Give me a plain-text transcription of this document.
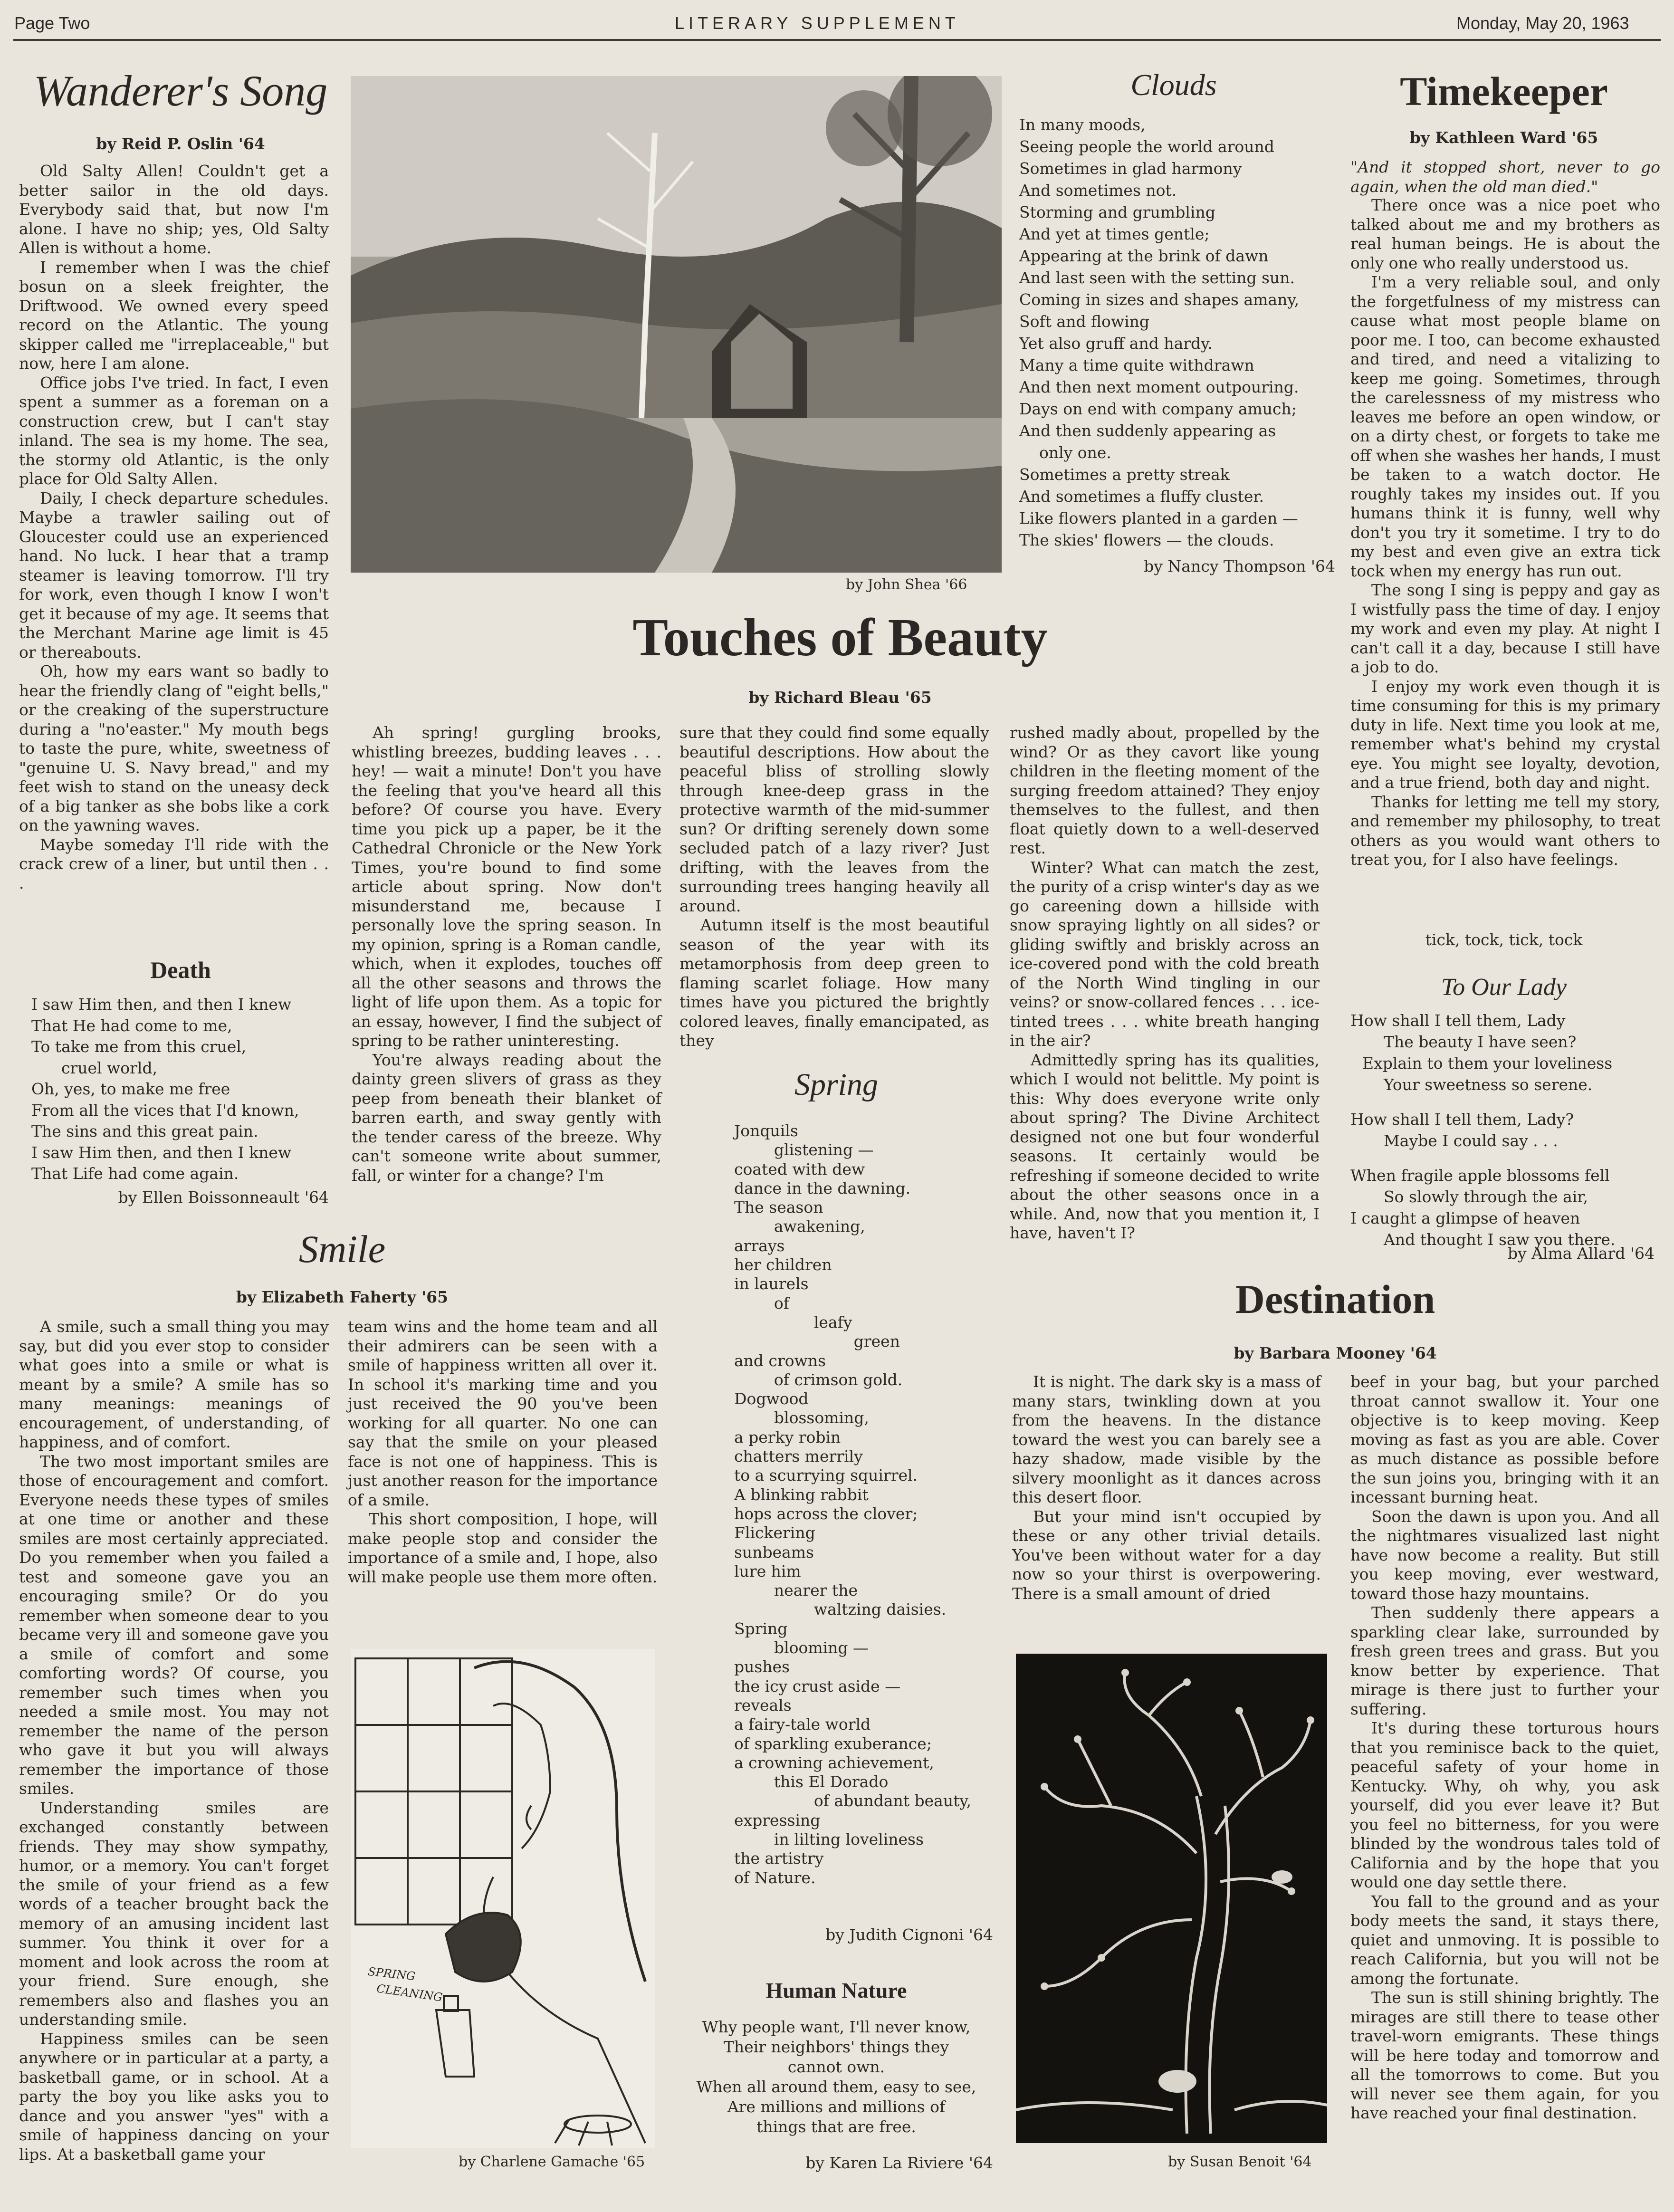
Page Two	LITERARY SUPPLEMENT	Monday, May 20, 1963
Wanderer's Song
by Reid P. Oslin '64

Old Salty Allen! Couldn't get a better sailor in the old days. Everybody said that, but now I'm alone. I have no ship; yes, Old Salty Allen is without a home.

I remember when I was the chief bosun on a sleek freighter, the Driftwood. We owned every speed record on the Atlantic. The young skipper called me "irreplaceable," but now, here I am alone.

Office jobs I've tried. In fact, I even spent a summer as a foreman on a construction crew, but I can't stay inland. The sea is my home. The sea, the stormy old Atlantic, is the only place for Old Salty Allen.

Daily, I check departure schedules. Maybe a trawler sailing out of Gloucester could use an experienced hand. No luck. I hear that a tramp steamer is leaving tomorrow. I'll try for work, even though I know I won't get it because of my age. It seems that the Merchant Marine age limit is 45 or thereabouts.

Oh, how my ears want so badly to hear the friendly clang of "eight bells," or the creaking of the superstructure during a "no'easter." My mouth begs to taste the pure, white, sweetness of "genuine U. S. Navy bread," and my feet wish to stand on the uneasy deck of a big tanker as she bobs like a cork on the yawning waves.

Maybe someday I'll ride with the crack crew of a liner, but until then . . .

Death
I saw Him then, and then I knew
That He had come to me,
To take me from this cruel,
cruel world,
Oh, yes, to make me free
From all the vices that I'd known,
The sins and this great pain.
I saw Him then, and then I knew
That Life had come again.
by Ellen Boissonneault '64
by John Shea '66
Clouds
In many moods,
Seeing people the world around
Sometimes in glad harmony
And sometimes not.
Storming and grumbling
And yet at times gentle;
Appearing at the brink of dawn
And last seen with the setting sun.
Coming in sizes and shapes amany,
Soft and flowing
Yet also gruff and hardy.
Many a time quite withdrawn
And then next moment outpouring.
Days on end with company amuch;
And then suddenly appearing as
only one.
Sometimes a pretty streak
And sometimes a fluffy cluster.
Like flowers planted in a garden —
The skies' flowers — the clouds.
by Nancy Thompson '64
Timekeeper
by Kathleen Ward '65
"And it stopped short, never to go again, when the old man died."

There once was a nice poet who talked about me and my brothers as real human beings. He is about the only one who really understood us.

I'm a very reliable soul, and only the forgetfulness of my mistress can cause what most people blame on poor me. I too, can become exhausted and tired, and need a vitalizing to keep me going. Sometimes, through the carelessness of my mistress who leaves me before an open window, or on a dirty chest, or forgets to take me off when she washes her hands, I must be taken to a watch doctor. He roughly takes my insides out. If you humans think it is funny, well why don't you try it sometime. I try to do my best and even give an extra tick tock when my energy has run out.

The song I sing is peppy and gay as I wistfully pass the time of day. I enjoy my work and even my play. At night I can't call it a day, because I still have a job to do.

I enjoy my work even though it is time consuming for this is my primary duty in life. Next time you look at me, remember what's behind my crystal eye. You might see loyalty, devotion, and a true friend, both day and night.

Thanks for letting me tell my story, and remember my philosophy, to treat others as you would want others to treat you, for I also have feelings.

tick, tock, tick, tock
Touches of Beauty
by Richard Bleau '65

Ah spring! gurgling brooks, whistling breezes, budding leaves . . . hey! — wait a minute! Don't you have the feeling that you've heard all this before? Of course you have. Every time you pick up a paper, be it the Cathedral Chronicle or the New York Times, you're bound to find some article about spring. Now don't misunderstand me, because I personally love the spring season. In my opinion, spring is a Roman candle, which, when it explodes, touches off all the other seasons and throws the light of life upon them. As a topic for an essay, however, I find the subject of spring to be rather uninteresting.

You're always reading about the dainty green slivers of grass as they peep from beneath their blanket of barren earth, and sway gently with the tender caress of the breeze. Why can't someone write about summer, fall, or winter for a change? I'm

sure that they could find some equally beautiful descriptions. How about the peaceful bliss of strolling slowly through knee-deep grass in the protective warmth of the mid-summer sun? Or drifting serenely down some secluded patch of a lazy river? Just drifting, with the leaves from the surrounding trees hanging heavily all around.

Autumn itself is the most beautiful season of the year with its metamorphosis from deep green to flaming scarlet foliage. How many times have you pictured the brightly colored leaves, finally emancipated, as they

rushed madly about, propelled by the wind? Or as they cavort like young children in the fleeting moment of the surging freedom attained? They enjoy themselves to the fullest, and then float quietly down to a well-deserved rest.

Winter? What can match the zest, the purity of a crisp winter's day as we go careening down a hillside with snow spraying lightly on all sides? or gliding swiftly and briskly across an ice-covered pond with the cold breath of the North Wind tingling in our veins? or snow-collared fences . . . ice-tinted trees . . . white breath hanging in the air?

Admittedly spring has its qualities, which I would not belittle. My point is this: Why does everyone write only about spring? The Divine Architect designed not one but four wonderful seasons. It certainly would be refreshing if someone decided to write about the other seasons once in a while. And, now that you mention it, I have, haven't I?

Spring
Jonquils
glistening —
coated with dew
dance in the dawning.
The season
awakening,
arrays
her children
in laurels
of
leafy
green
and crowns
of crimson gold.
Dogwood
blossoming,
a perky robin
chatters merrily
to a scurrying squirrel.
A blinking rabbit
hops across the clover;
Flickering
sunbeams
lure him
nearer the
waltzing daisies.
Spring
blooming —
pushes
the icy crust aside —
reveals
a fairy-tale world
of sparkling exuberance;
a crowning achievement,
this El Dorado
of abundant beauty,
expressing
in lilting loveliness
the artistry
of Nature.
by Judith Cignoni '64
Human Nature
Why people want, I'll never know,
Their neighbors' things they
cannot own.
When all around them, easy to see,
Are millions and millions of
things that are free.
by Karen La Riviere '64
To Our Lady
How shall I tell them, Lady
The beauty I have seen?
Explain to them your loveliness
Your sweetness so serene.
How shall I tell them, Lady?
Maybe I could say . . .
When fragile apple blossoms fell
So slowly through the air,
I caught a glimpse of heaven
And thought I saw you there.
by Alma Allard '64
Smile
by Elizabeth Faherty '65

A smile, such a small thing you may say, but did you ever stop to consider what goes into a smile or what is meant by a smile? A smile has so many meanings: meanings of encouragement, of understanding, of happiness, and of comfort.

The two most important smiles are those of encouragement and comfort. Everyone needs these types of smiles at one time or another and these smiles are most certainly appreciated. Do you remember when you failed a test and someone gave you an encouraging smile? Or do you remember when someone dear to you became very ill and someone gave you a smile of comfort and some comforting words? Of course, you remember such times when you needed a smile most. You may not remember the name of the person who gave it but you will always remember the importance of those smiles.

Understanding smiles are exchanged constantly between friends. They may show sympathy, humor, or a memory. You can't forget the smile of your friend as a few words of a teacher brought back the memory of an amusing incident last summer. You think it over for a moment and look across the room at your friend. Sure enough, she remembers also and flashes you an understanding smile.

Happiness smiles can be seen anywhere or in particular at a party, a basketball game, or in school. At a party the boy you like asks you to dance and you answer "yes" with a smile of happiness dancing on your lips. At a basketball game your

team wins and the home team and all their admirers can be seen with a smile of happiness written all over it. In school it's marking time and you just received the 90 you've been working for all quarter. No one can say that the smile on your pleased face is not one of happiness. This is just another reason for the importance of a smile.

This short composition, I hope, will make people stop and consider the importance of a smile and, I hope, also will make people use them more often.

SPRING
CLEANING
by Charlene Gamache '65
Destination
by Barbara Mooney '64

It is night. The dark sky is a mass of many stars, twinkling down at you from the heavens. In the distance toward the west you can barely see a hazy shadow, made visible by the silvery moonlight as it dances across this desert floor.

But your mind isn't occupied by these or any other trivial details. You've been without water for a day now so your thirst is overpowering. There is a small amount of dried

beef in your bag, but your parched throat cannot swallow it. Your one objective is to keep moving. Keep moving as fast as you are able. Cover as much distance as possible before the sun joins you, bringing with it an incessant burning heat.

Soon the dawn is upon you. And all the nightmares visualized last night have now become a reality. But still you keep moving, ever westward, toward those hazy mountains.

Then suddenly there appears a sparkling clear lake, surrounded by fresh green trees and grass. But you know better by experience. That mirage is there just to further your suffering.

It's during these torturous hours that you reminisce back to the quiet, peaceful safety of your home in Kentucky. Why, oh why, you ask yourself, did you ever leave it? But you feel no bitterness, for you were blinded by the wondrous tales told of California and by the hope that you would one day settle there.

You fall to the ground and as your body meets the sand, it stays there, quiet and unmoving. It is possible to reach California, but you will not be among the fortunate.

The sun is still shining brightly. The mirages are still there to tease other travel-worn emigrants. These things will be here today and tomorrow and all the tomorrows to come. But you will never see them again, for you have reached your final destination.

by Susan Benoit '64
